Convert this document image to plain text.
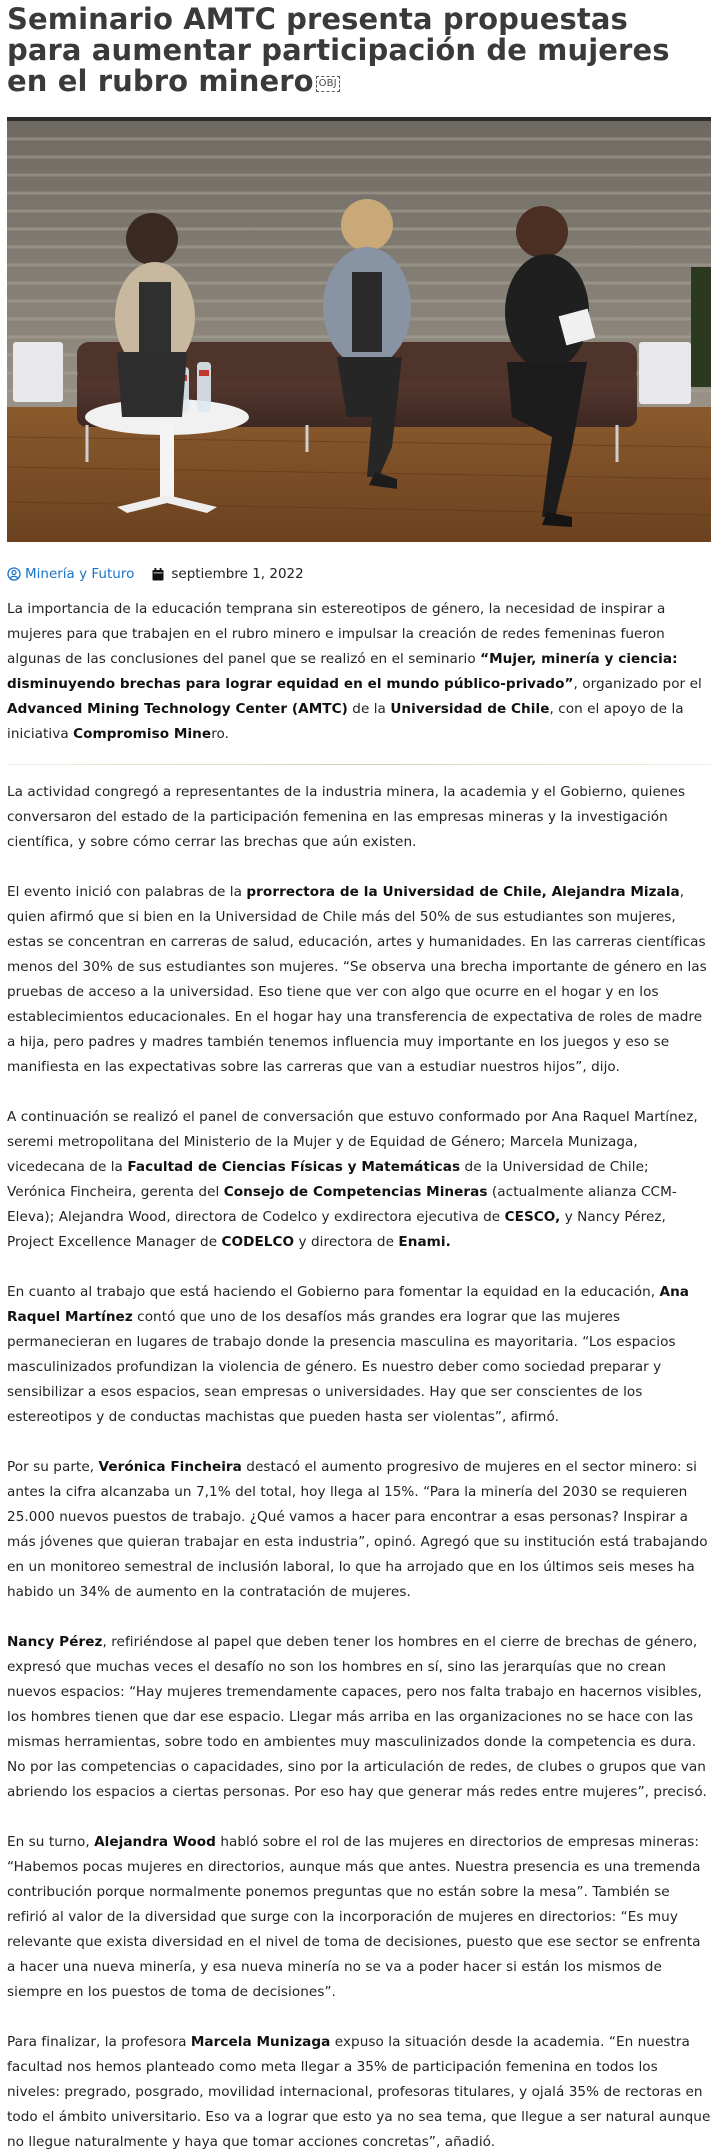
Seminario AMTC presenta propuestas para aumentar participación de mujeres en el rubro minero OBJ
Minería y Futuro	septiembre 1, 2022

La importancia de la educación temprana sin estereotipos de género, la necesidad de inspirar a mujeres para que trabajen en el rubro minero e impulsar la creación de redes femeninas fueron algunas de las conclusiones del panel que se realizó en el seminario “Mujer, minería y ciencia: disminuyendo brechas para lograr equidad en el mundo público-privado”, organizado por el Advanced Mining Technology Center (AMTC) de la Universidad de Chile, con el apoyo de la iniciativa Compromiso Minero.

La actividad congregó a representantes de la industria minera, la academia y el Gobierno, quienes conversaron del estado de la participación femenina en las empresas mineras y la investigación científica, y sobre cómo cerrar las brechas que aún existen.

El evento inició con palabras de la prorrectora de la Universidad de Chile, Alejandra Mizala, quien afirmó que si bien en la Universidad de Chile más del 50% de sus estudiantes son mujeres, estas se concentran en carreras de salud, educación, artes y humanidades. En las carreras científicas menos del 30% de sus estudiantes son mujeres. “Se observa una brecha importante de género en las pruebas de acceso a la universidad. Eso tiene que ver con algo que ocurre en el hogar y en los establecimientos educacionales. En el hogar hay una transferencia de expectativa de roles de madre a hija, pero padres y madres también tenemos influencia muy importante en los juegos y eso se manifiesta en las expectativas sobre las carreras que van a estudiar nuestros hijos”, dijo.

A continuación se realizó el panel de conversación que estuvo conformado por Ana Raquel Martínez, seremi metropolitana del Ministerio de la Mujer y de Equidad de Género; Marcela Munizaga, vicedecana de la Facultad de Ciencias Físicas y Matemáticas de la Universidad de Chile; Verónica Fincheira, gerenta del Consejo de Competencias Mineras (actualmente alianza CCM-Eleva); Alejandra Wood, directora de Codelco y exdirectora ejecutiva de CESCO, y Nancy Pérez, Project Excellence Manager de CODELCO y directora de Enami.

En cuanto al trabajo que está haciendo el Gobierno para fomentar la equidad en la educación, Ana Raquel Martínez contó que uno de los desafíos más grandes era lograr que las mujeres permanecieran en lugares de trabajo donde la presencia masculina es mayoritaria. “Los espacios masculinizados profundizan la violencia de género. Es nuestro deber como sociedad preparar y sensibilizar a esos espacios, sean empresas o universidades. Hay que ser conscientes de los estereotipos y de conductas machistas que pueden hasta ser violentas”, afirmó.

Por su parte, Verónica Fincheira destacó el aumento progresivo de mujeres en el sector minero: si antes la cifra alcanzaba un 7,1% del total, hoy llega al 15%. “Para la minería del 2030 se requieren 25.000 nuevos puestos de trabajo. ¿Qué vamos a hacer para encontrar a esas personas? Inspirar a más jóvenes que quieran trabajar en esta industria”, opinó. Agregó que su institución está trabajando en un monitoreo semestral de inclusión laboral, lo que ha arrojado que en los últimos seis meses ha habido un 34% de aumento en la contratación de mujeres.

Nancy Pérez, refiriéndose al papel que deben tener los hombres en el cierre de brechas de género, expresó que muchas veces el desafío no son los hombres en sí, sino las jerarquías que no crean nuevos espacios: “Hay mujeres tremendamente capaces, pero nos falta trabajo en hacernos visibles, los hombres tienen que dar ese espacio. Llegar más arriba en las organizaciones no se hace con las mismas herramientas, sobre todo en ambientes muy masculinizados donde la competencia es dura. No por las competencias o capacidades, sino por la articulación de redes, de clubes o grupos que van abriendo los espacios a ciertas personas. Por eso hay que generar más redes entre mujeres”, precisó.

En su turno, Alejandra Wood habló sobre el rol de las mujeres en directorios de empresas mineras: “Habemos pocas mujeres en directorios, aunque más que antes. Nuestra presencia es una tremenda contribución porque normalmente ponemos preguntas que no están sobre la mesa”. También se refirió al valor de la diversidad que surge con la incorporación de mujeres en directorios: “Es muy relevante que exista diversidad en el nivel de toma de decisiones, puesto que ese sector se enfrenta a hacer una nueva minería, y esa nueva minería no se va a poder hacer si están los mismos de siempre en los puestos de toma de decisiones”.

Para finalizar, la profesora Marcela Munizaga expuso la situación desde la academia. “En nuestra facultad nos hemos planteado como meta llegar a 35% de participación femenina en todos los niveles: pregrado, posgrado, movilidad internacional, profesoras titulares, y ojalá 35% de rectoras en todo el ámbito universitario. Eso va a lograr que esto ya no sea tema, que llegue a ser natural aunque no llegue naturalmente y haya que tomar acciones concretas”, añadió.
